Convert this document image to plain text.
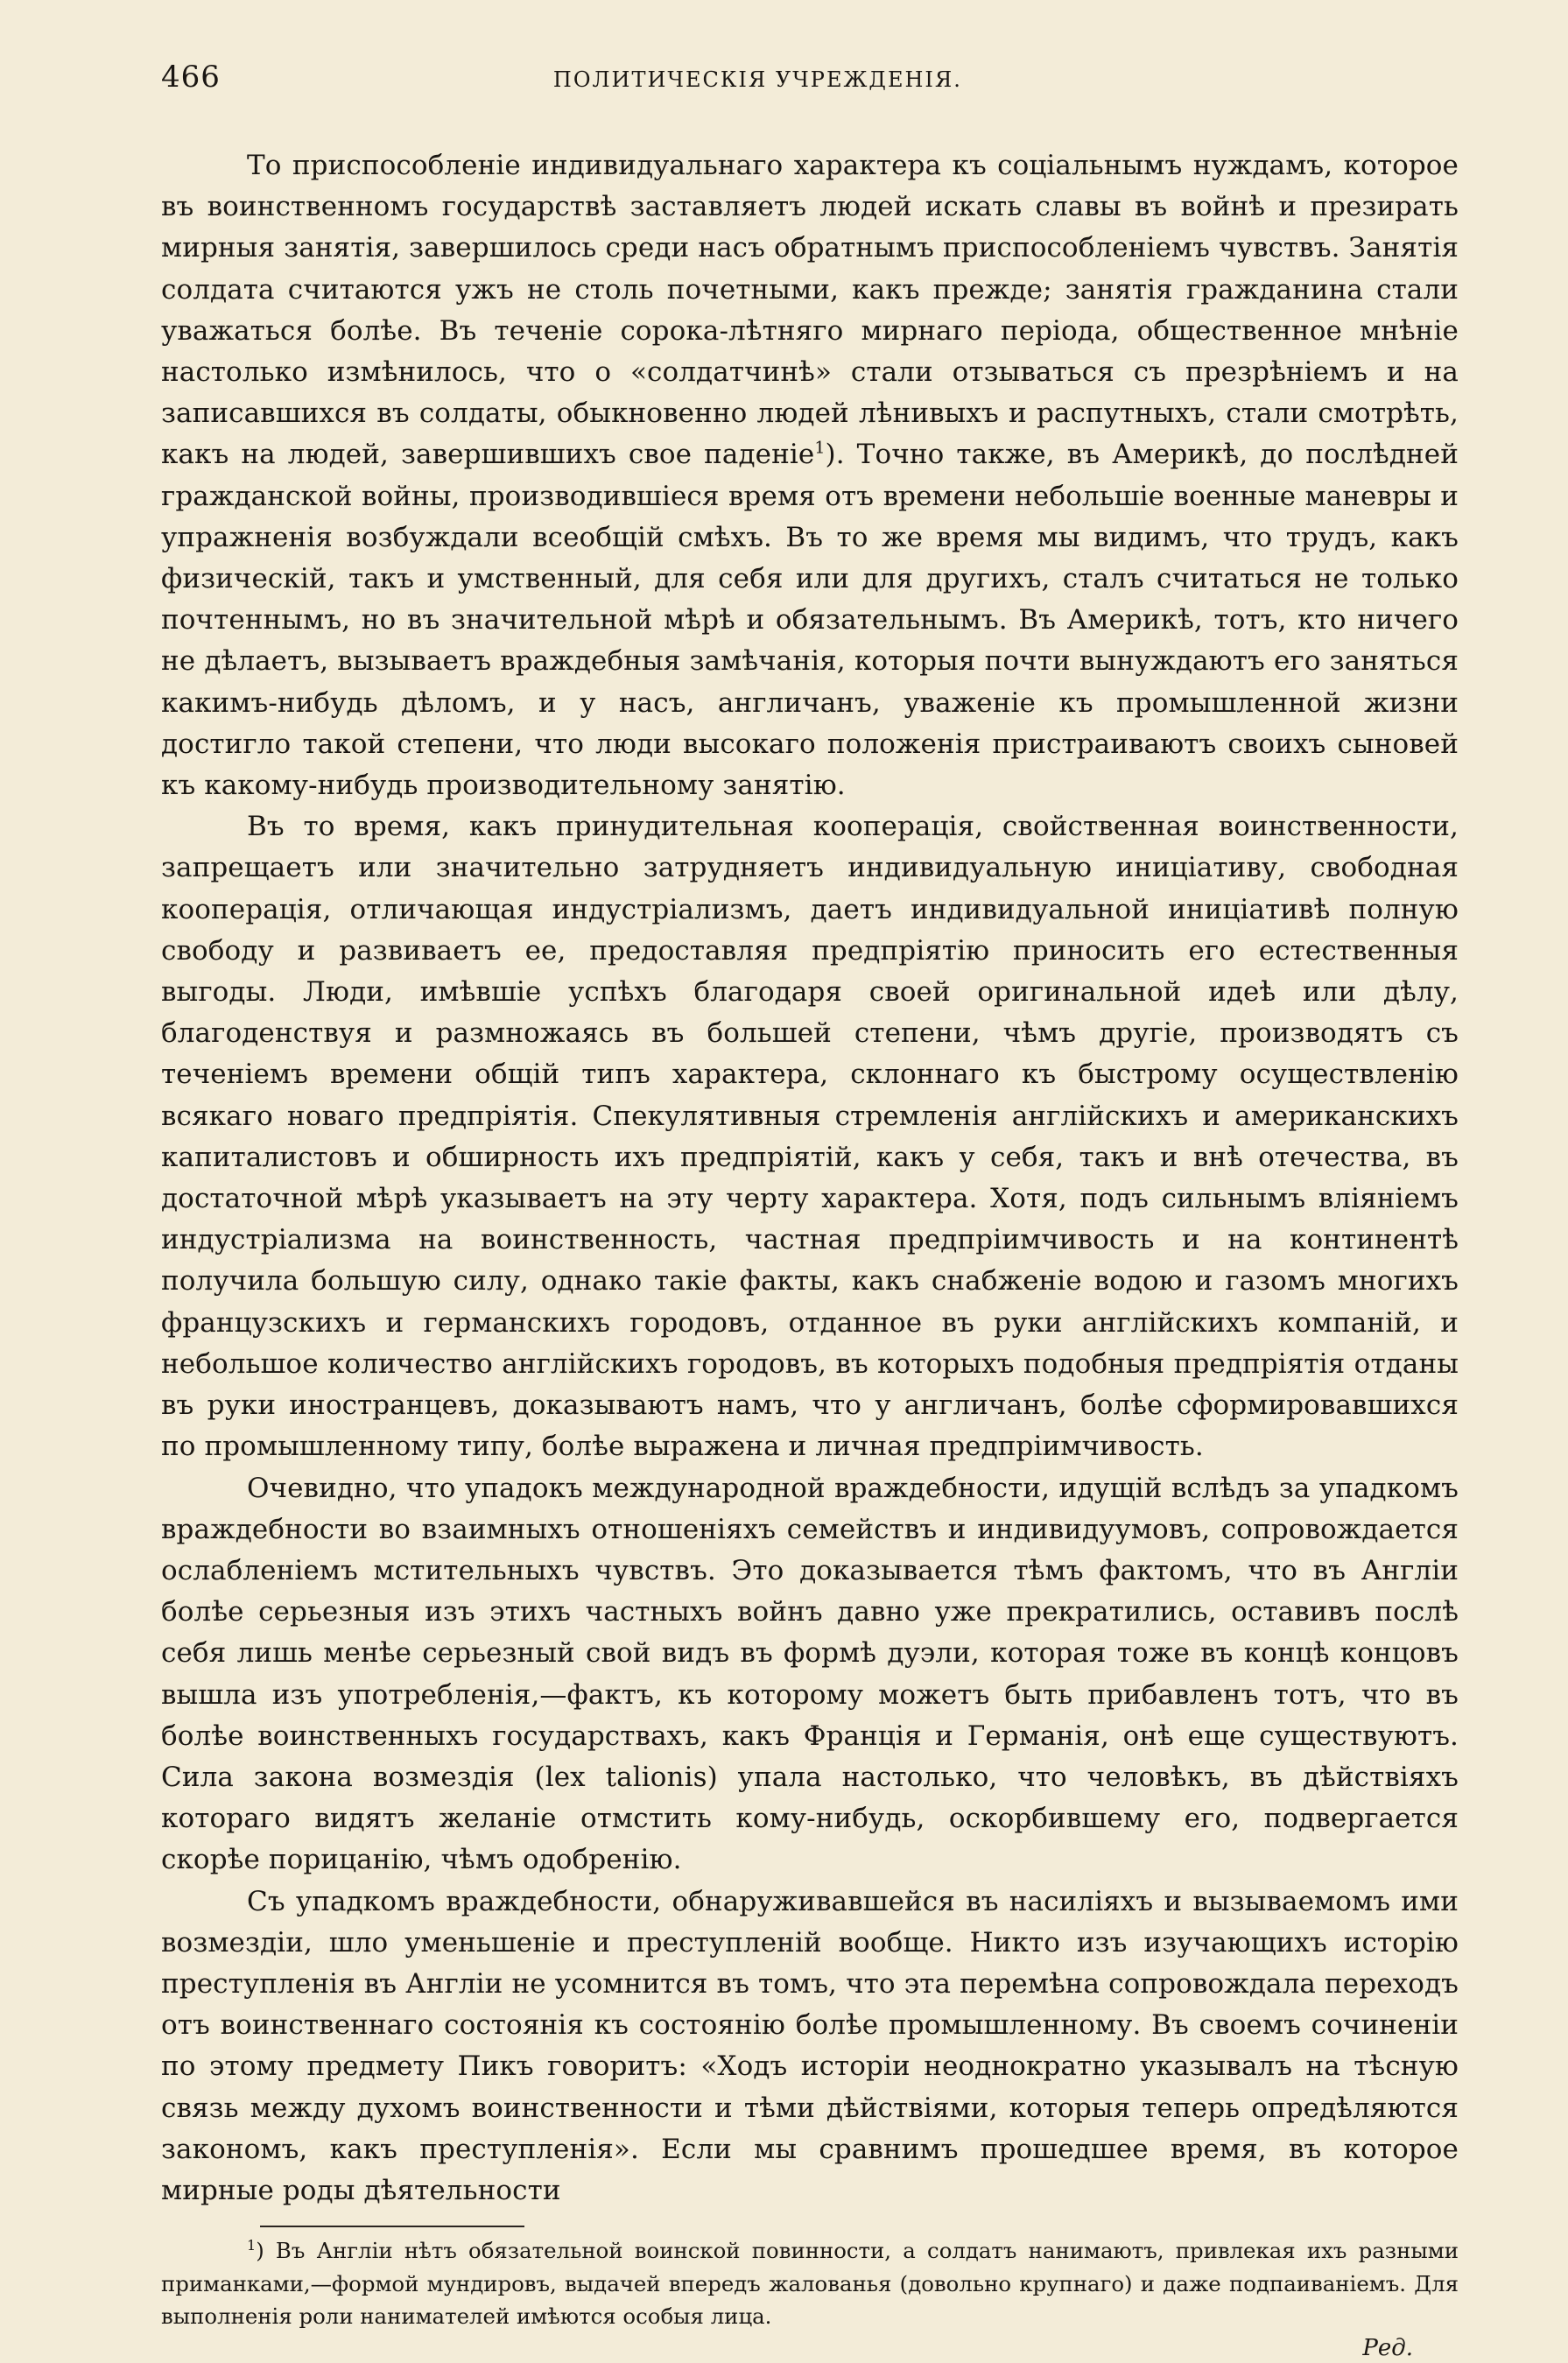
466	ПОЛИТИЧЕСКІЯ УЧРЕЖДЕНІЯ.

То приспособленіе индивидуальнаго характера къ соціальнымъ нуждамъ, которое въ воинственномъ государствѣ заставляетъ людей искать славы въ войнѣ и презирать мирныя занятія, завершилось среди насъ обратнымъ приспособленіемъ чувствъ. Занятія солдата считаются ужъ не столь почетными, какъ прежде; занятія гражданина стали уважаться болѣе. Въ теченіе сорока-лѣтняго мирнаго періода, общественное мнѣніе настолько измѣнилось, что о «солдатчинѣ» стали отзываться съ презрѣніемъ и на записавшихся въ солдаты, обыкновенно людей лѣнивыхъ и распутныхъ, стали смотрѣть, какъ на людей, завершившихъ свое паденіе$^1$). Точно также, въ Америкѣ, до послѣдней гражданской войны, производившіеся время отъ времени небольшіе военные маневры и упражненія возбуждали всеобщій смѣхъ. Въ то же время мы видимъ, что трудъ, какъ физическій, такъ и умственный, для себя или для другихъ, сталъ считаться не только почтеннымъ, но въ значительной мѣрѣ и обязательнымъ. Въ Америкѣ, тотъ, кто ничего не дѣлаетъ, вызываетъ враждебныя замѣчанія, которыя почти вынуждаютъ его заняться какимъ-нибудь дѣломъ, и у насъ, англичанъ, уваженіе къ промышленной жизни достигло такой степени, что люди высокаго положенія пристраиваютъ своихъ сыновей къ какому-нибудь производительному занятію.

Въ то время, какъ принудительная кооперація, свойственная воинственности, запрещаетъ или значительно затрудняетъ индивидуальную иниціативу, свободная кооперація, отличающая индустріализмъ, даетъ индивидуальной иниціативѣ полную свободу и развиваетъ ее, предоставляя предпріятію приносить его естественныя выгоды. Люди, имѣвшіе успѣхъ благодаря своей оригинальной идеѣ или дѣлу, благоденствуя и размножаясь въ большей степени, чѣмъ другіе, производятъ съ теченіемъ времени общій типъ характера, склоннаго къ быстрому осуществленію всякаго новаго предпріятія. Спекулятивныя стремленія англійскихъ и американскихъ капиталистовъ и обширность ихъ предпріятій, какъ у себя, такъ и внѣ отечества, въ достаточной мѣрѣ указываетъ на эту черту характера. Хотя, подъ сильнымъ вліяніемъ индустріализма на воинственность, частная предпріимчивость и на континентѣ получила большую силу, однако такіе факты, какъ снабженіе водою и газомъ многихъ французскихъ и германскихъ городовъ, отданное въ руки англійскихъ компаній, и небольшое количество англійскихъ городовъ, въ которыхъ подобныя предпріятія отданы въ руки иностранцевъ, доказываютъ намъ, что у англичанъ, болѣе сформировавшихся по промышленному типу, болѣе выражена и личная предпріимчивость.

Очевидно, что упадокъ международной враждебности, идущій вслѣдъ за упадкомъ враждебности во взаимныхъ отношеніяхъ семействъ и индивидуумовъ, сопровождается ослабленіемъ мстительныхъ чувствъ. Это доказывается тѣмъ фактомъ, что въ Англіи болѣе серьезныя изъ этихъ частныхъ войнъ давно уже прекратились, оставивъ послѣ себя лишь менѣе серьезный свой видъ въ формѣ дуэли, которая тоже въ концѣ концовъ вышла изъ употребленія,—фактъ, къ которому можетъ быть прибавленъ тотъ, что въ болѣе воинственныхъ государствахъ, какъ Франція и Германія, онѣ еще существуютъ. Сила закона возмездія (lex talionis) упала настолько, что человѣкъ, въ дѣйствіяхъ котораго видятъ желаніе отмстить кому-нибудь, оскорбившему его, подвергается скорѣе порицанію, чѣмъ одобренію.

Съ упадкомъ враждебности, обнаруживавшейся въ насиліяхъ и вызываемомъ ими возмездіи, шло уменьшеніе и преступленій вообще. Никто изъ изучающихъ исторію преступленія въ Англіи не усомнится въ томъ, что эта перемѣна сопровождала переходъ отъ воинственнаго состоянія къ состоянію болѣе промышленному. Въ своемъ сочиненіи по этому предмету Пикъ говоритъ: «Ходъ исторіи неоднократно указывалъ на тѣсную связь между духомъ воинственности и тѣми дѣйствіями, которыя теперь опредѣляются закономъ, какъ преступленія». Если мы сравнимъ прошедшее время, въ которое мирные роды дѣятельности

$^1$) Въ Англіи нѣтъ обязательной воинской повинности, а солдатъ нанимаютъ, привлекая ихъ разными приманками,—формой мундировъ, выдачей впередъ жалованья (довольно крупнаго) и даже подпаиваніемъ. Для выполненія роли нанимателей имѣются особыя лица.

Ред.
